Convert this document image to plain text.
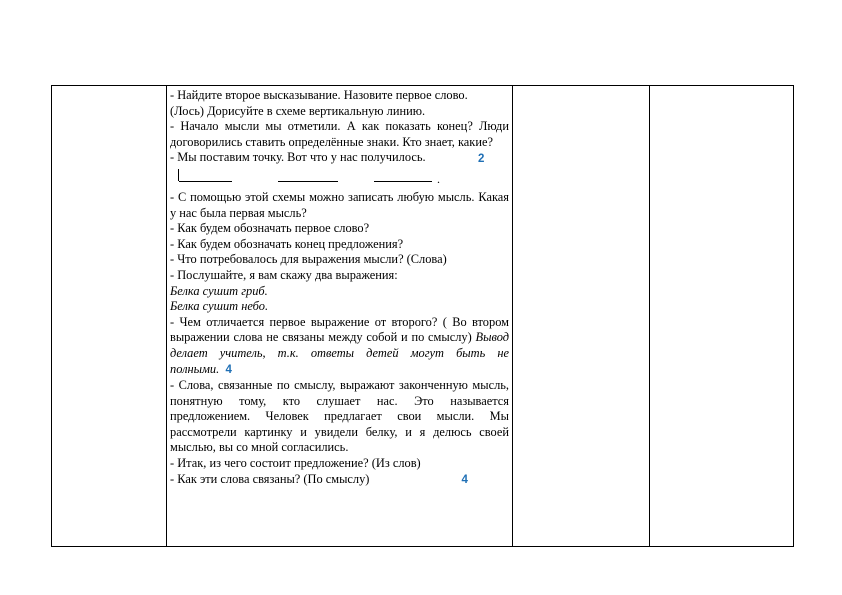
- Найдите второе высказывание. Назовите первое слово.

(Лось) Дорисуйте в схеме вертикальную линию.

- Начало мысли мы отметили. А как показать конец? Люди договорились ставить определённые знаки. Кто знает, какие?

- Мы поставим точку. Вот что у нас получилось.

.
2

- С помощью этой схемы можно записать любую мысль. Какая у нас была первая мысль?

- Как будем обозначать первое слово?

- Как будем обозначать конец предложения?

- Что потребовалось для выражения мысли? (Слова)

- Послушайте, я вам скажу два выражения:

Белка сушит гриб.

Белка сушит небо.

- Чем отличается первое выражение от второго? ( Во втором выражении слова не связаны между собой и по смыслу) Вывод делает учитель, т.к. ответы детей могут быть не полными. 4

- Слова, связанные по смыслу, выражают законченную мысль, понятную тому, кто слушает нас. Это называется предложением. Человек предлагает свои мысли. Мы рассмотрели картинку и увидели белку, и я делюсь своей мыслью, вы со мной согласились.

- Итак, из чего состоит предложение? (Из слов)

- Как эти слова связаны? (По смыслу)	4
